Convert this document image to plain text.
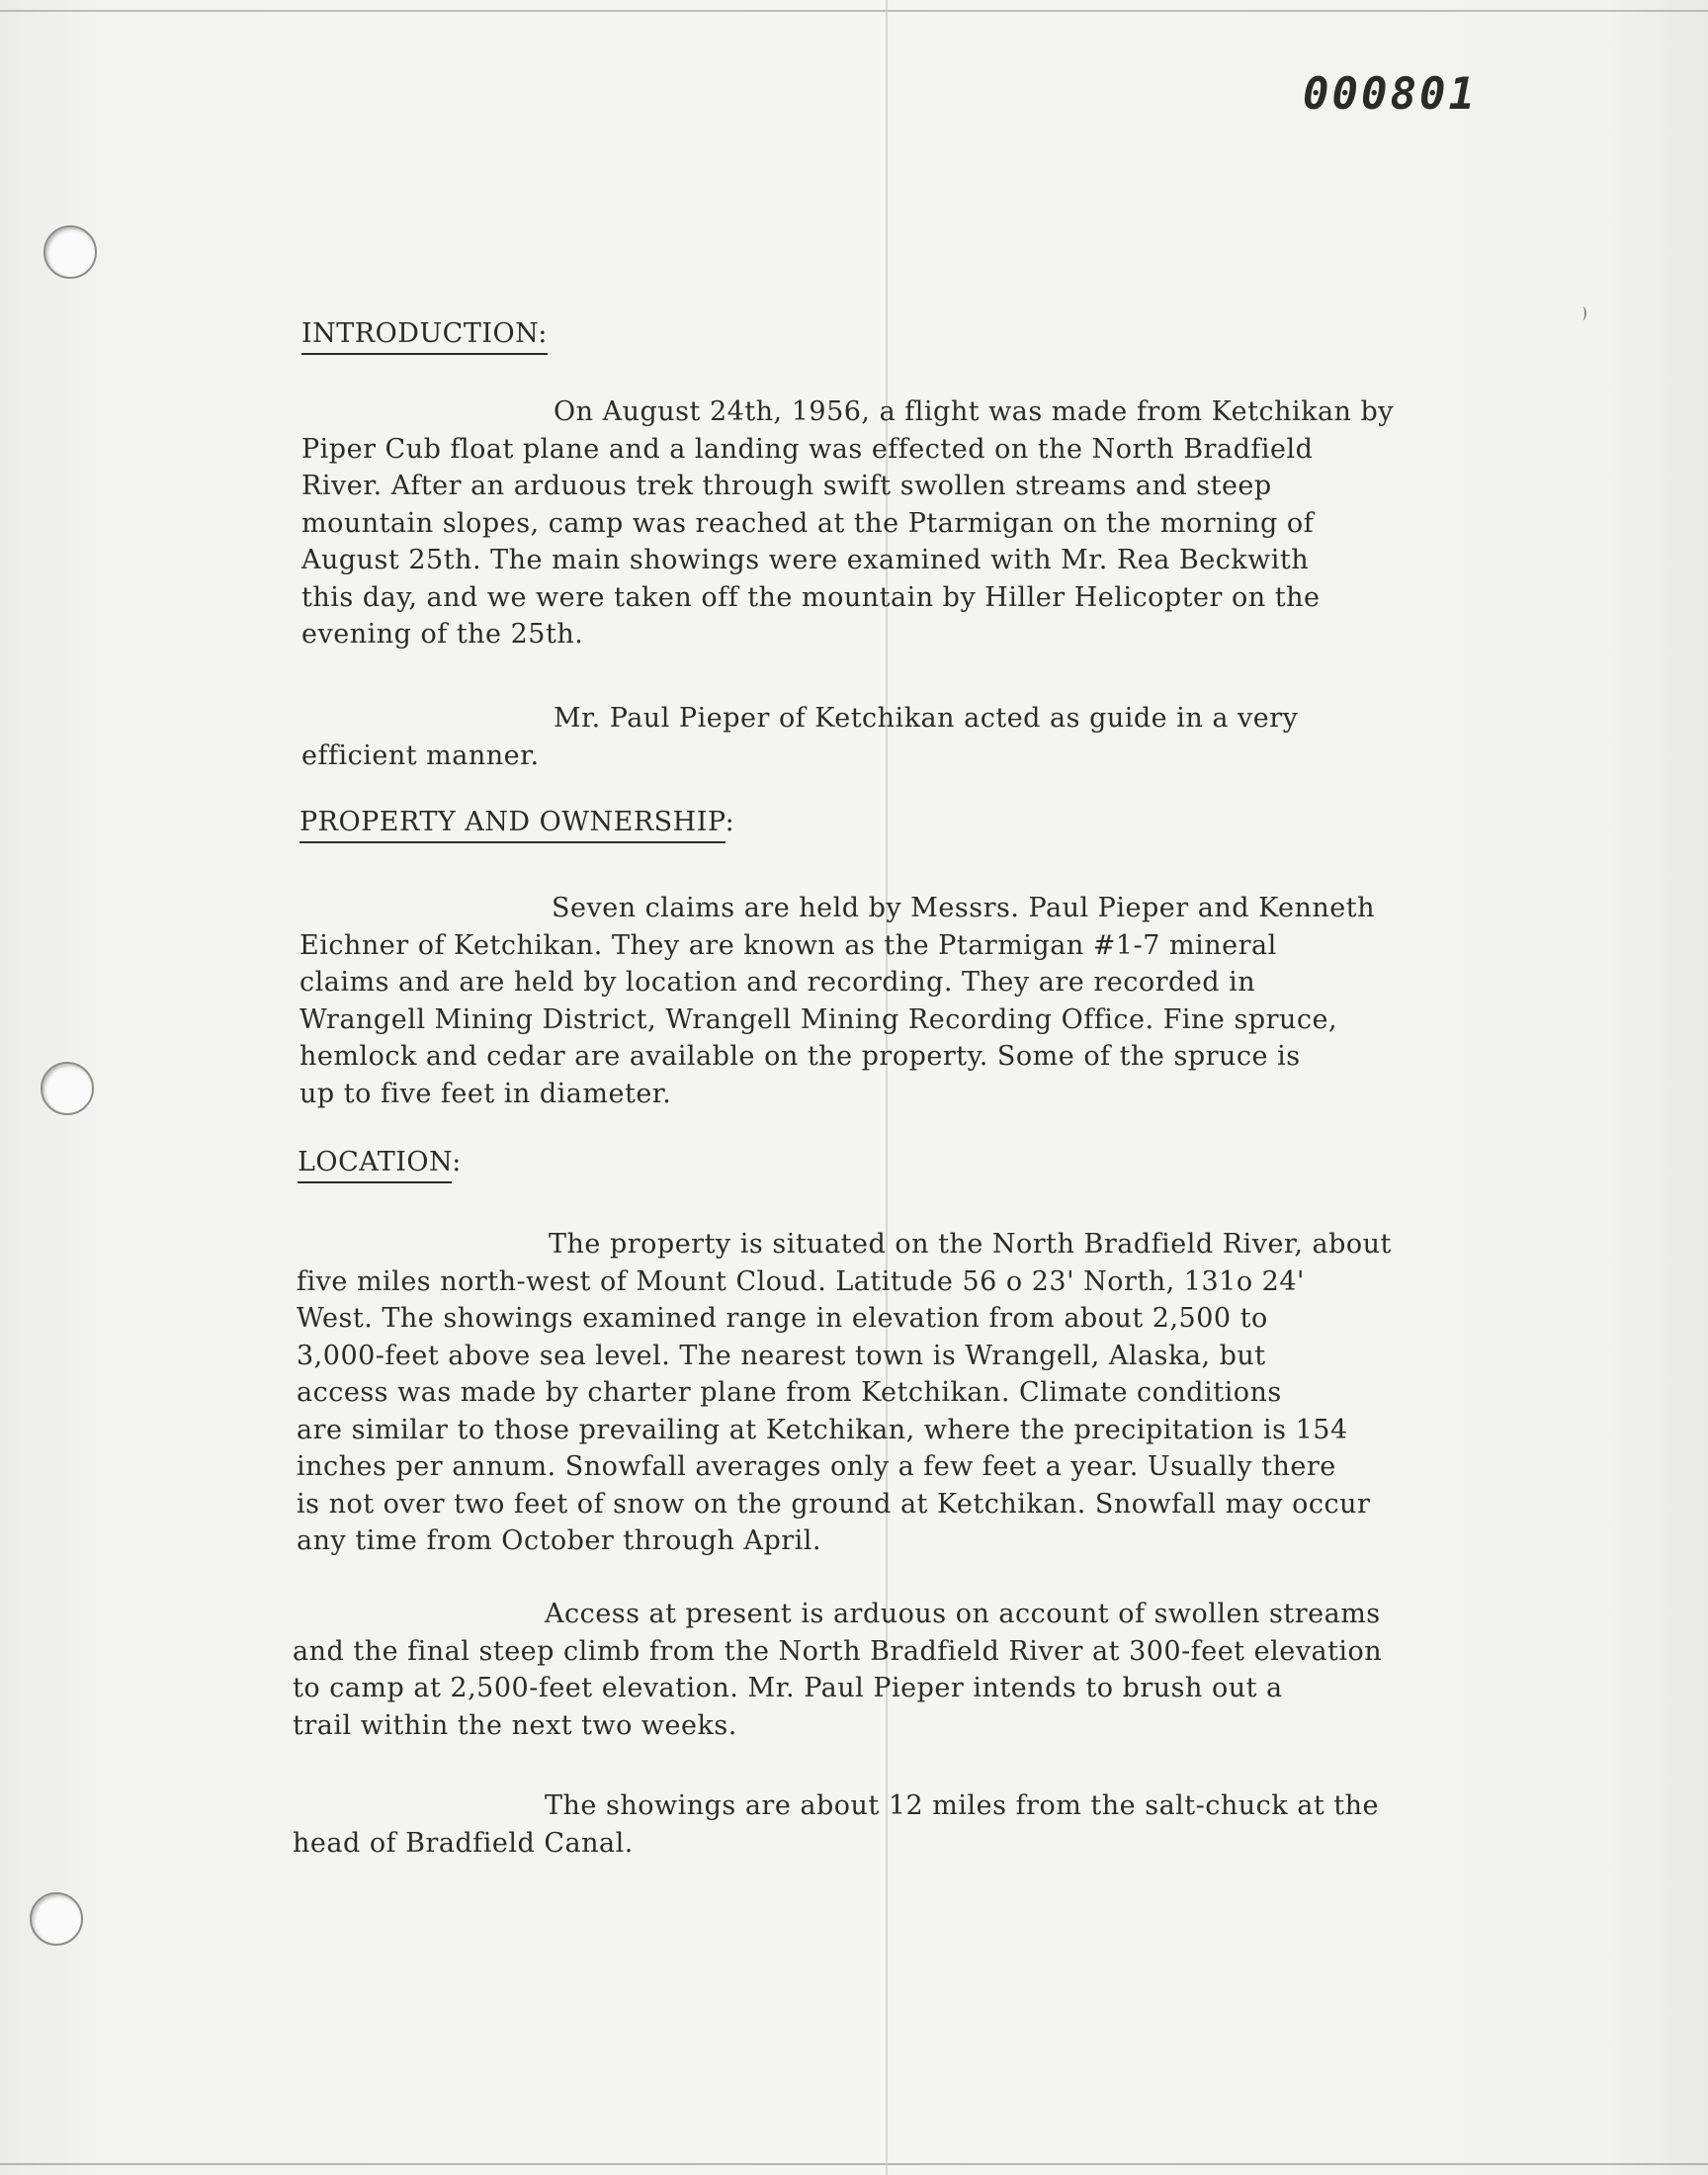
000801
INTRODUCTION:
On August 24th, 1956, a flight was made from Ketchikan by
Piper Cub float plane and a landing was effected on the North Bradfield
River. After an arduous trek through swift swollen streams and steep
mountain slopes, camp was reached at the Ptarmigan on the morning of
August 25th. The main showings were examined with Mr. Rea Beckwith
this day, and we were taken off the mountain by Hiller Helicopter on the
evening of the 25th.
Mr. Paul Pieper of Ketchikan acted as guide in a very
efficient manner.
PROPERTY AND OWNERSHIP:
Seven claims are held by Messrs. Paul Pieper and Kenneth
Eichner of Ketchikan. They are known as the Ptarmigan #1-7 mineral
claims and are held by location and recording. They are recorded in
Wrangell Mining District, Wrangell Mining Recording Office. Fine spruce,
hemlock and cedar are available on the property. Some of the spruce is
up to five feet in diameter.
LOCATION:
The property is situated on the North Bradfield River, about
five miles north-west of Mount Cloud. Latitude 56 o 23' North, 131o 24'
West. The showings examined range in elevation from about 2,500 to
3,000-feet above sea level. The nearest town is Wrangell, Alaska, but
access was made by charter plane from Ketchikan. Climate conditions
are similar to those prevailing at Ketchikan, where the precipitation is 154
inches per annum. Snowfall averages only a few feet a year. Usually there
is not over two feet of snow on the ground at Ketchikan. Snowfall may occur
any time from October through April.
Access at present is arduous on account of swollen streams
and the final steep climb from the North Bradfield River at 300-feet elevation
to camp at 2,500-feet elevation. Mr. Paul Pieper intends to brush out a
trail within the next two weeks.
The showings are about 12 miles from the salt-chuck at the
head of Bradfield Canal.
